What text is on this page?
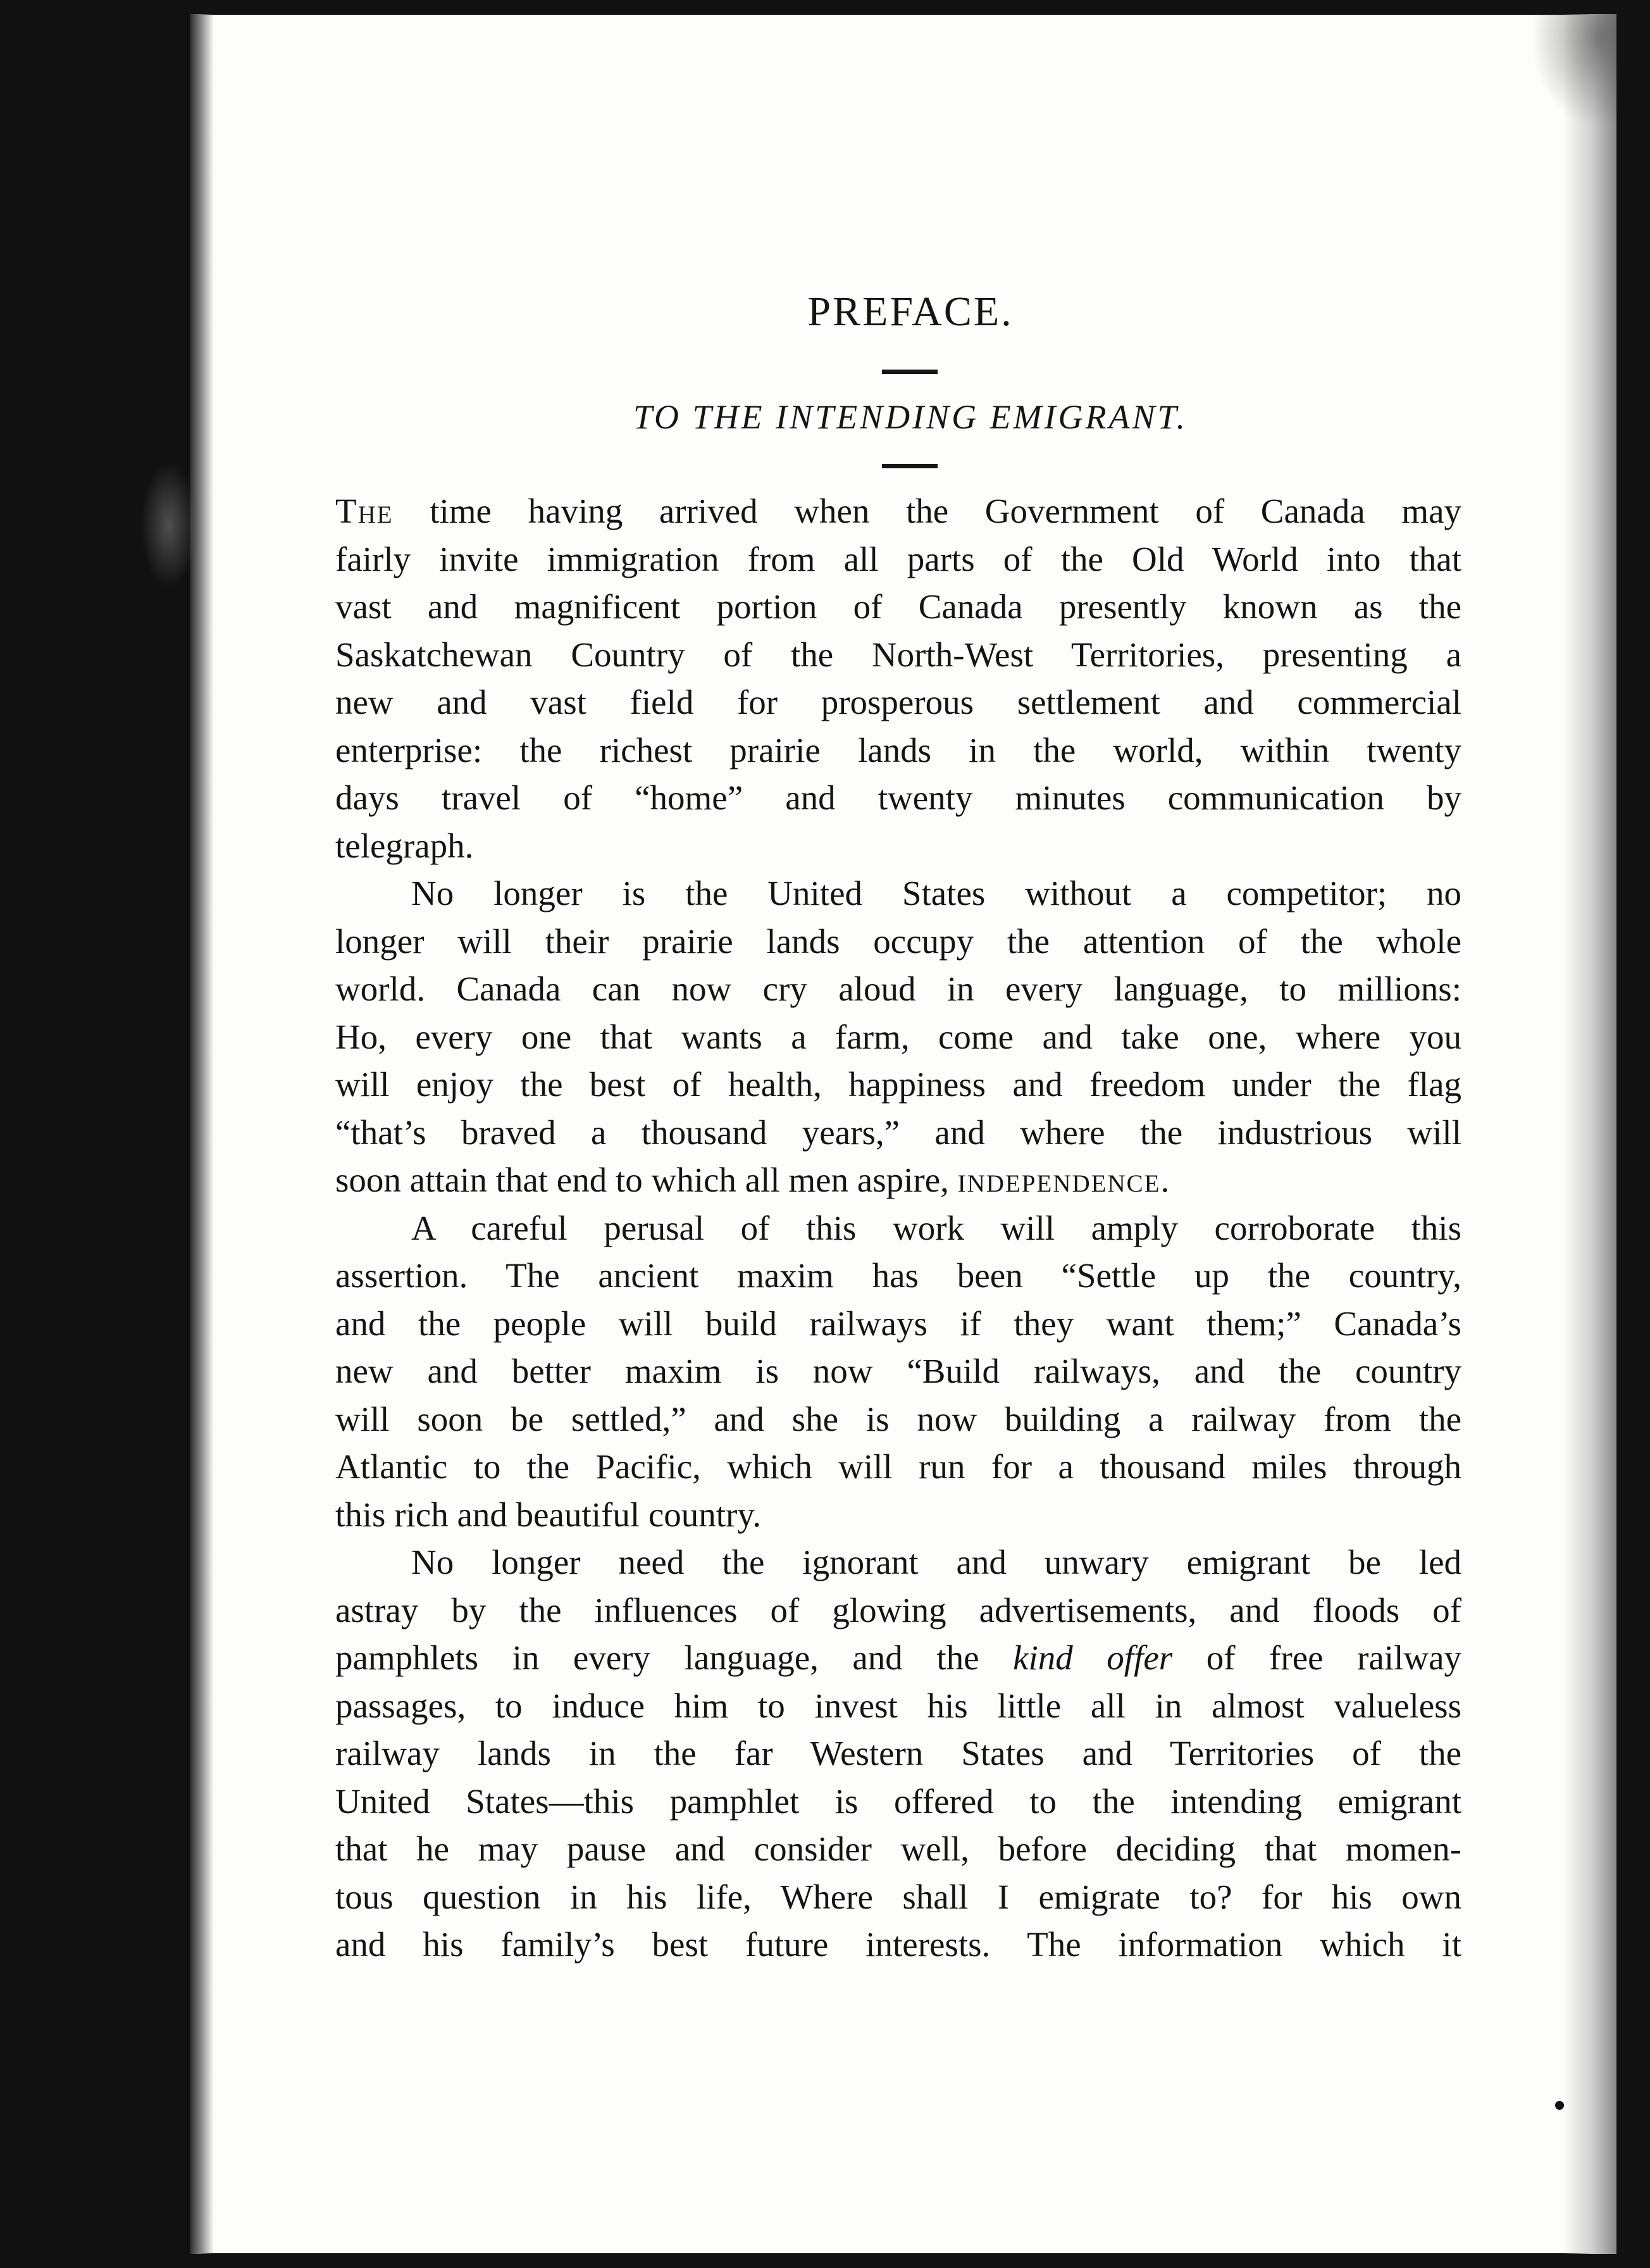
PREFACE.
TO THE INTENDING EMIGRANT.
The time having arrived when the Government of Canada may
fairly invite immigration from all parts of the Old World into that
vast and magnificent portion of Canada presently known as the
Saskatchewan Country of the North-West Territories, presenting a
new and vast field for prosperous settlement and commercial
enterprise: the richest prairie lands in the world, within twenty
days travel of “home” and twenty minutes communication by
telegraph.
No longer is the United States without a competitor; no
longer will their prairie lands occupy the attention of the whole
world. Canada can now cry aloud in every language, to millions:
Ho, every one that wants a farm, come and take one, where you
will enjoy the best of health, happiness and freedom under the flag
“that’s braved a thousand years,” and where the industrious will
soon attain that end to which all men aspire, independence.
A careful perusal of this work will amply corroborate this
assertion. The ancient maxim has been “Settle up the country,
and the people will build railways if they want them;” Canada’s
new and better maxim is now “Build railways, and the country
will soon be settled,” and she is now building a railway from the
Atlantic to the Pacific, which will run for a thousand miles through
this rich and beautiful country.
No longer need the ignorant and unwary emigrant be led
astray by the influences of glowing advertisements, and floods of
pamphlets in every language, and the kind offer of free railway
passages, to induce him to invest his little all in almost valueless
railway lands in the far Western States and Territories of the
United States—this pamphlet is offered to the intending emigrant
that he may pause and consider well, before deciding that momen-
tous question in his life, Where shall I emigrate to? for his own
and his family’s best future interests. The information which it
